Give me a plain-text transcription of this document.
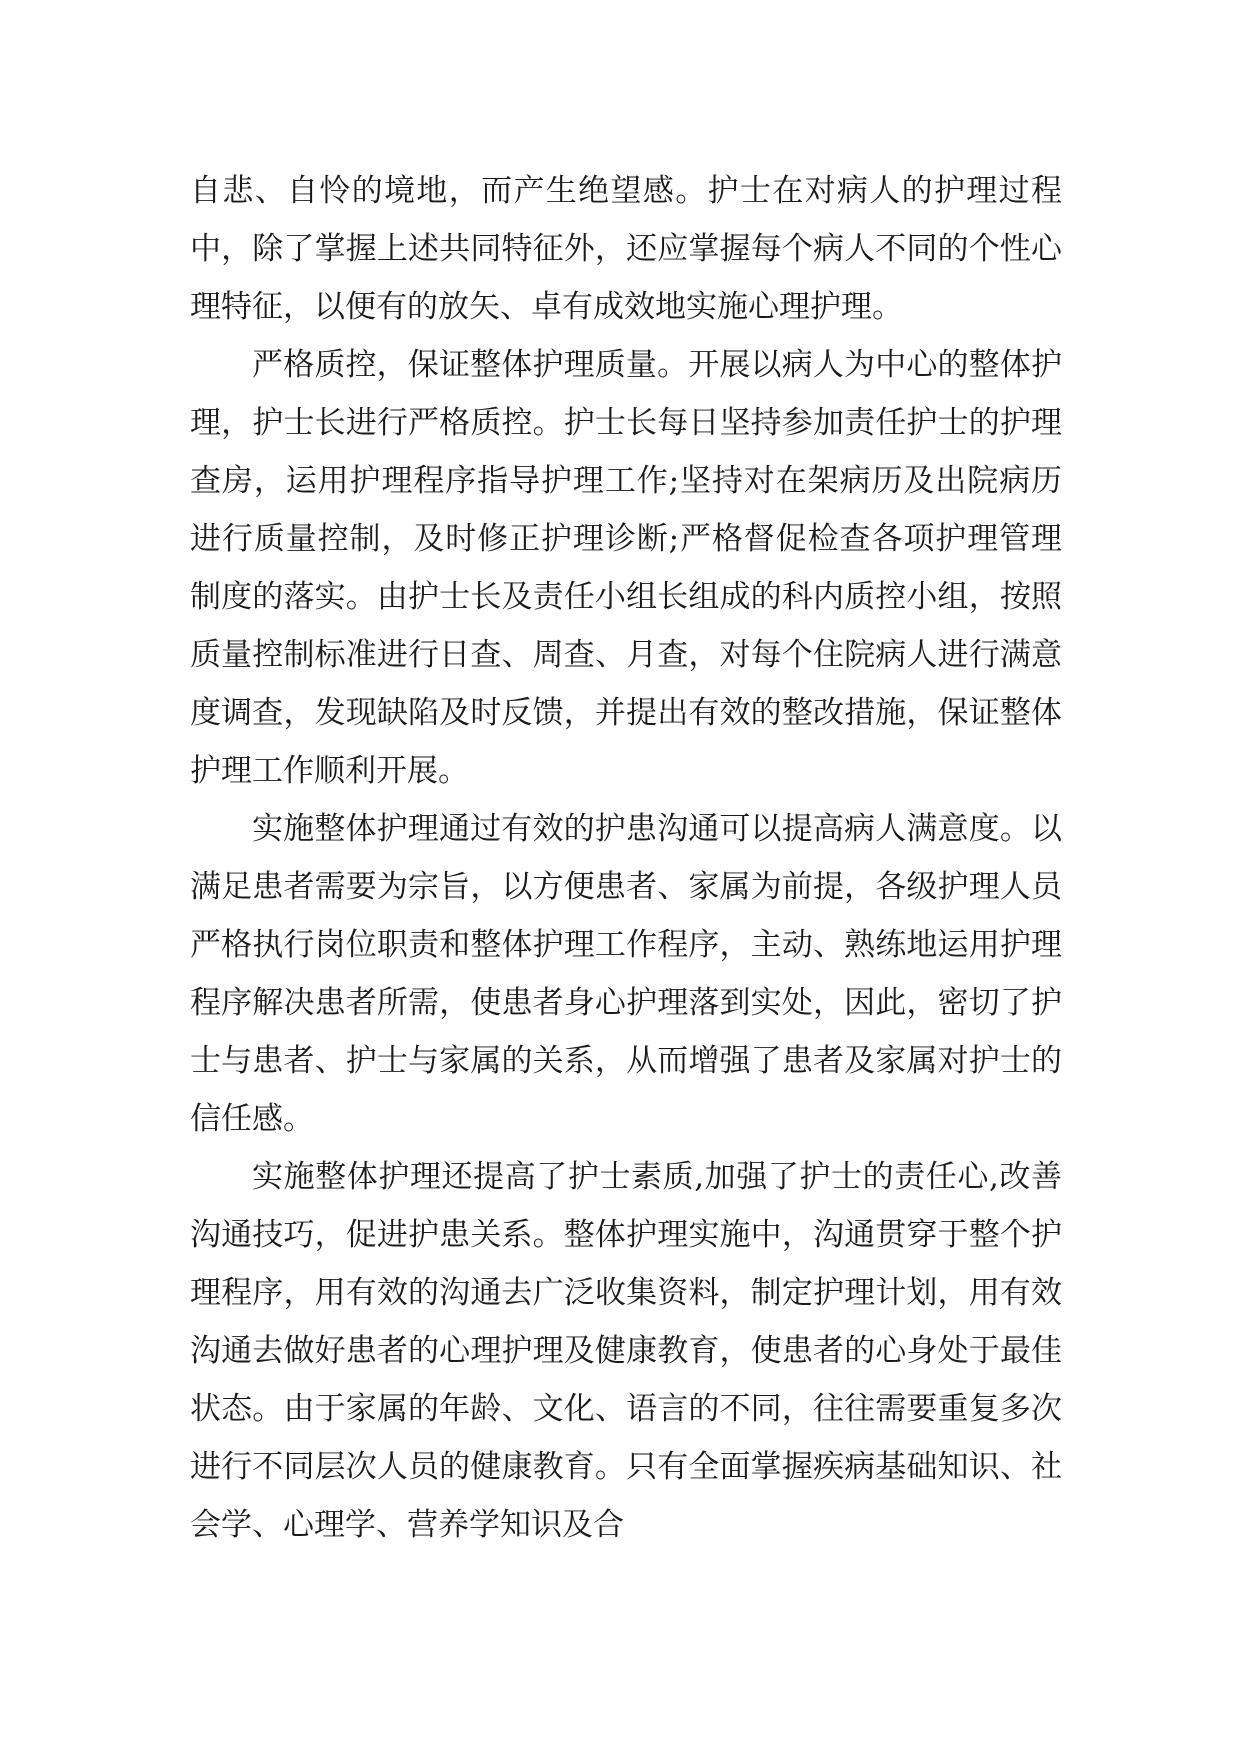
自悲、自怜的境地，而产生绝望感。护士在对病人的护理过程中，除了掌握上述共同特征外，还应掌握每个病人不同的个性心理特征，以便有的放矢、卓有成效地实施心理护理。

严格质控，保证整体护理质量。开展以病人为中心的整体护理，护士长进行严格质控。护士长每日坚持参加责任护士的护理查房，运用护理程序指导护理工作;坚持对在架病历及出院病历进行质量控制，及时修正护理诊断;严格督促检查各项护理管理制度的落实。由护士长及责任小组长组成的科内质控小组，按照质量控制标准进行日查、周查、月查，对每个住院病人进行满意度调查，发现缺陷及时反馈，并提出有效的整改措施，保证整体护理工作顺利开展。

实施整体护理通过有效的护患沟通可以提高病人满意度。以满足患者需要为宗旨，以方便患者、家属为前提，各级护理人员严格执行岗位职责和整体护理工作程序，主动、熟练地运用护理程序解决患者所需，使患者身心护理落到实处，因此，密切了护士与患者、护士与家属的关系，从而增强了患者及家属对护士的信任感。

实施整体护理还提高了护士素质,加强了护士的责任心,改善沟通技巧，促进护患关系。整体护理实施中，沟通贯穿于整个护理程序，用有效的沟通去广泛收集资料，制定护理计划，用有效沟通去做好患者的心理护理及健康教育，使患者的心身处于最佳状态。由于家属的年龄、文化、语言的不同，往往需要重复多次进行不同层次人员的健康教育。只有全面掌握疾病基础知识、社会学、心理学、营养学知识及合
